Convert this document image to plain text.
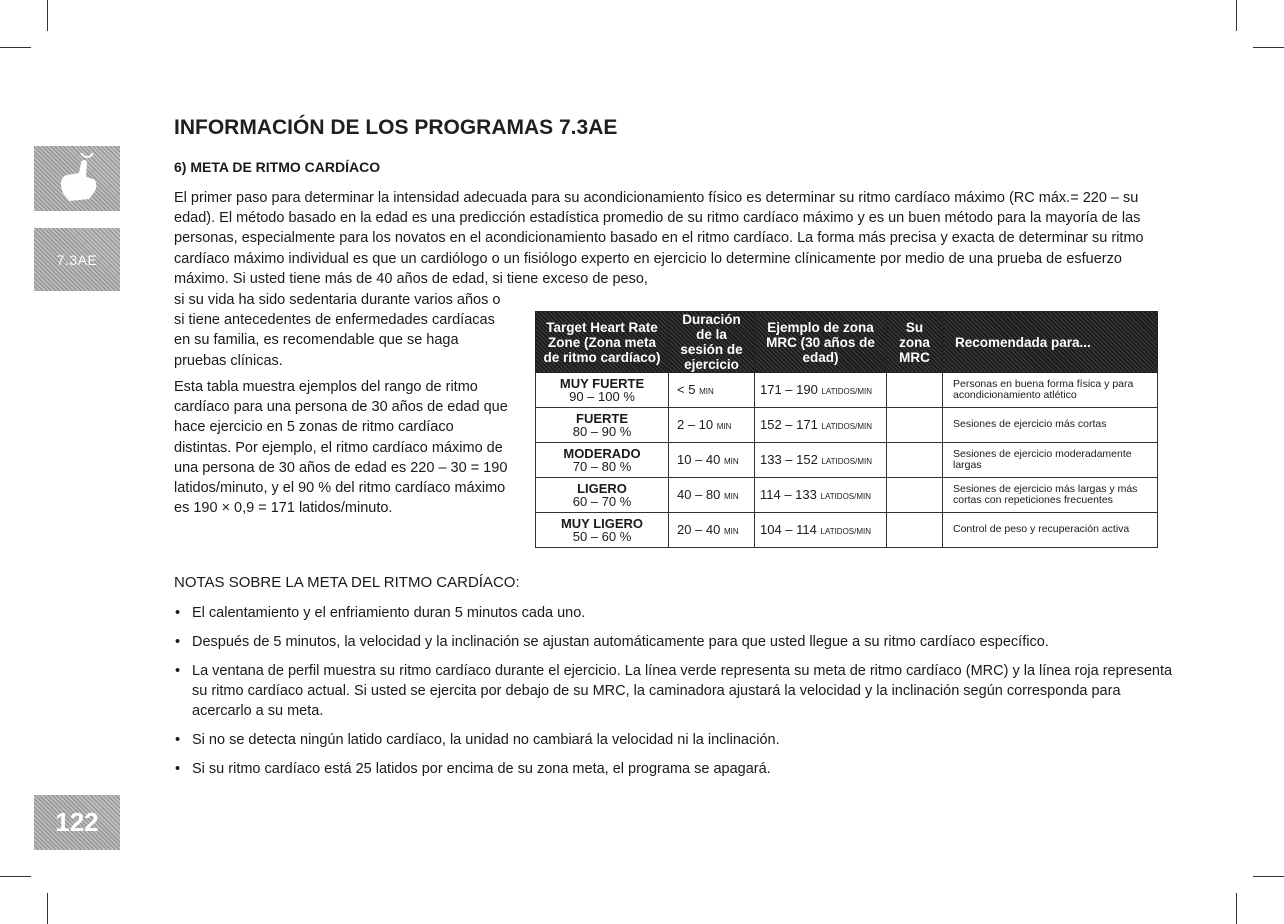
7.3AE
122
INFORMACIÓN DE LOS PROGRAMAS 7.3AE

6) META DE RITMO CARDÍACO

El primer paso para determinar la intensidad adecuada para su acondicionamiento físico es determinar su ritmo cardíaco máximo (RC máx.= 220 – su edad). El método basado en la edad es una predicción estadística promedio de su ritmo cardíaco máximo y es un buen método para la mayoría de las personas, especialmente para los novatos en el acondicionamiento basado en el ritmo cardíaco. La forma más precisa y exacta de determinar su ritmo cardíaco máximo individual es que un cardiólogo o un fisiólogo experto en ejercicio lo determine clínicamente por medio de una prueba de esfuerzo máximo. Si usted tiene más de 40 años de edad, si tiene exceso de peso,

si su vida ha sido sedentaria durante varios años o si tiene antecedentes de enfermedades cardíacas en su familia, es recomendable que se haga pruebas clínicas.

Esta tabla muestra ejemplos del rango de ritmo cardíaco para una persona de 30 años de edad que hace ejercicio en 5 zonas de ritmo cardíaco distintas. Por ejemplo, el ritmo cardíaco máximo de una persona de 30 años de edad es 220 – 30 = 190 latidos/minuto, y el 90 % del ritmo cardíaco máximo es 190 × 0,9 = 171 latidos/minuto.

Target Heart Rate Zone (Zona meta de ritmo cardíaco)	Duración de la sesión de ejercicio	Ejemplo de zona MRC (30 años de edad)	Su zona MRC	Recomendada para...

MUY FUERTE
90 – 100 %	< 5 MIN	171 – 190 LATIDOS/MIN		Personas en buena forma física y para acondicionamiento atlético

FUERTE
80 – 90 %	2 – 10 MIN	152 – 171 LATIDOS/MIN		Sesiones de ejercicio más cortas

MODERADO
70 – 80 %	10 – 40 MIN	133 – 152 LATIDOS/MIN		Sesiones de ejercicio moderadamente largas

LIGERO
60 – 70 %	40 – 80 MIN	114 – 133 LATIDOS/MIN		Sesiones de ejercicio más largas y más cortas con repeticiones frecuentes

MUY LIGERO
50 – 60 %	20 – 40 MIN	104 – 114 LATIDOS/MIN		Control de peso y recuperación activa

NOTAS SOBRE LA META DEL RITMO CARDÍACO:

• El calentamiento y el enfriamiento duran 5 minutos cada uno.
• Después de 5 minutos, la velocidad y la inclinación se ajustan automáticamente para que usted llegue a su ritmo cardíaco específico.
• La ventana de perfil muestra su ritmo cardíaco durante el ejercicio. La línea verde representa su meta de ritmo cardíaco (MRC) y la línea roja representa su ritmo cardíaco actual. Si usted se ejercita por debajo de su MRC, la caminadora ajustará la velocidad y la inclinación según corresponda para acercarlo a su meta.
• Si no se detecta ningún latido cardíaco, la unidad no cambiará la velocidad ni la inclinación.
• Si su ritmo cardíaco está 25 latidos por encima de su zona meta, el programa se apagará.
